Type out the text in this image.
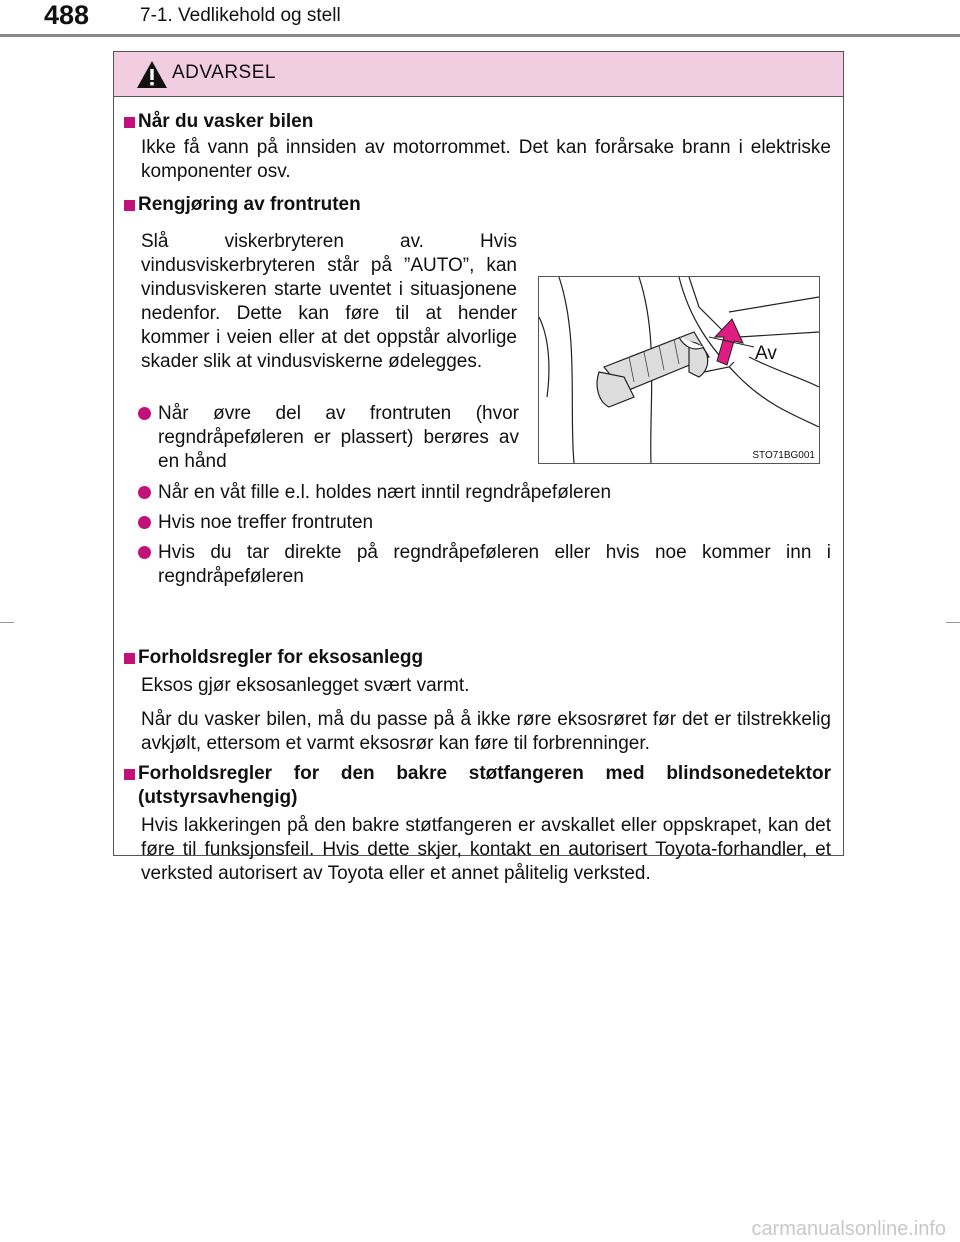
488	7-1. Vedlikehold og stell
ADVARSEL
Når du vasker bilen
Ikke få vann på innsiden av motorrommet. Det kan forårsake brann i elektriske komponenter osv.
Rengjøring av frontruten
Slå viskerbryteren av. Hvis vindusviskerbryteren står på ”AUTO”, kan vindusviskeren starte uventet i situasjonene nedenfor. Dette kan føre til at hender kommer i veien eller at det oppstår alvorlige skader slik at vindusviskerne ødelegges.
Når øvre del av frontruten (hvor regndråpeføleren er plassert) berøres av en hånd
Når en våt fille e.l. holdes nært inntil regndråpeføleren
Hvis noe treffer frontruten
Hvis du tar direkte på regndråpeføleren eller hvis noe kommer inn i regndråpeføleren
Av
STO71BG001
Forholdsregler for eksosanlegg
Eksos gjør eksosanlegget svært varmt.
Når du vasker bilen, må du passe på å ikke røre eksosrøret før det er tilstrekkelig avkjølt, ettersom et varmt eksosrør kan føre til forbrenninger.
Forholdsregler for den bakre støtfangeren med blindsonedetektor (utstyrsavhengig)
Hvis lakkeringen på den bakre støtfangeren er avskallet eller oppskrapet, kan det føre til funksjonsfeil. Hvis dette skjer, kontakt en autorisert Toyota-forhandler, et verksted autorisert av Toyota eller et annet pålitelig verksted.
carmanualsonline.info
